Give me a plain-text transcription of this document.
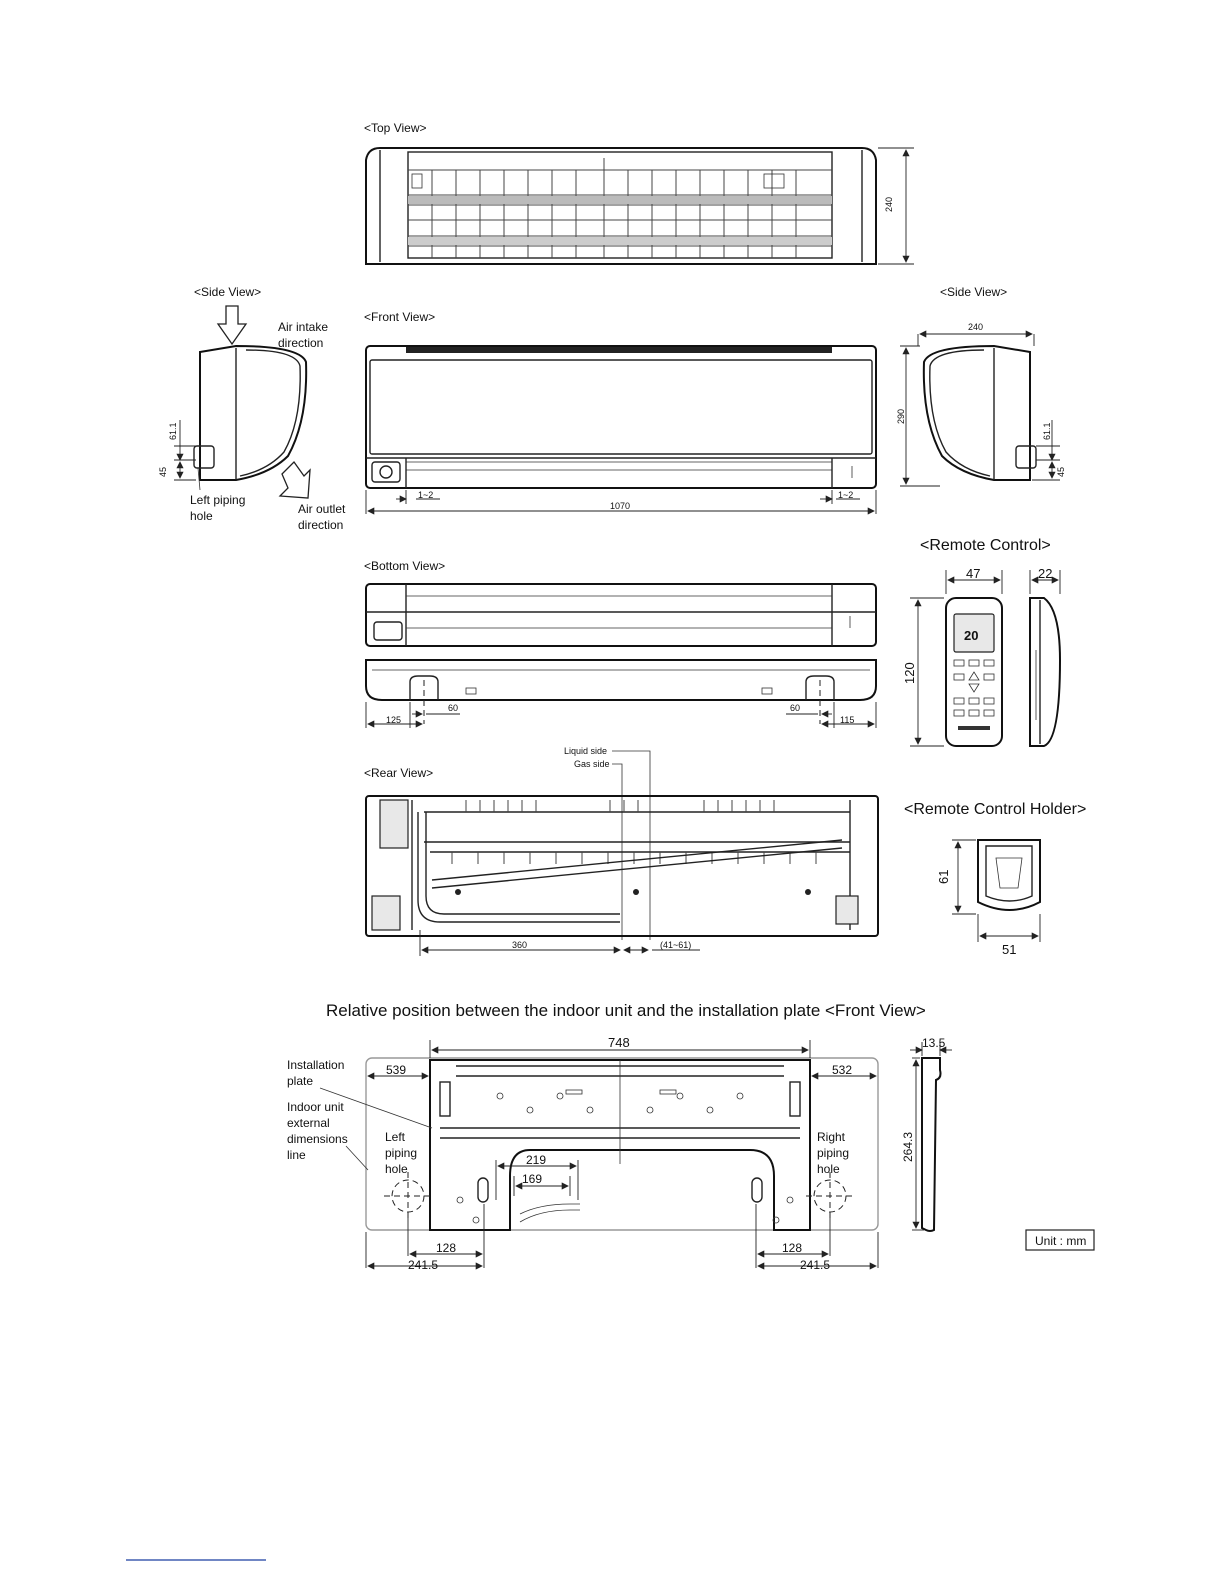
<Top View>
240
<Side View>
Air intake
direction
Air outlet
direction
Left piping
hole
61.1
45
<Front View>
1~2	1~2
1070
<Side View>
240
290
61.1
45
<Bottom View>
125
60	60
115
<Remote Control>
20
47	22
120
Liquid side
Gas side
<Rear View>
360	(41~61)
<Remote Control Holder>
61
51
Relative position between the indoor unit and the installation plate <Front View>
748
539	532
219
169
128
241.5
128
241.5
Installation
plate
Indoor unit
external
dimensions
line
Left
piping
hole
Right
piping
hole
13.5
264.3
Unit : mm
